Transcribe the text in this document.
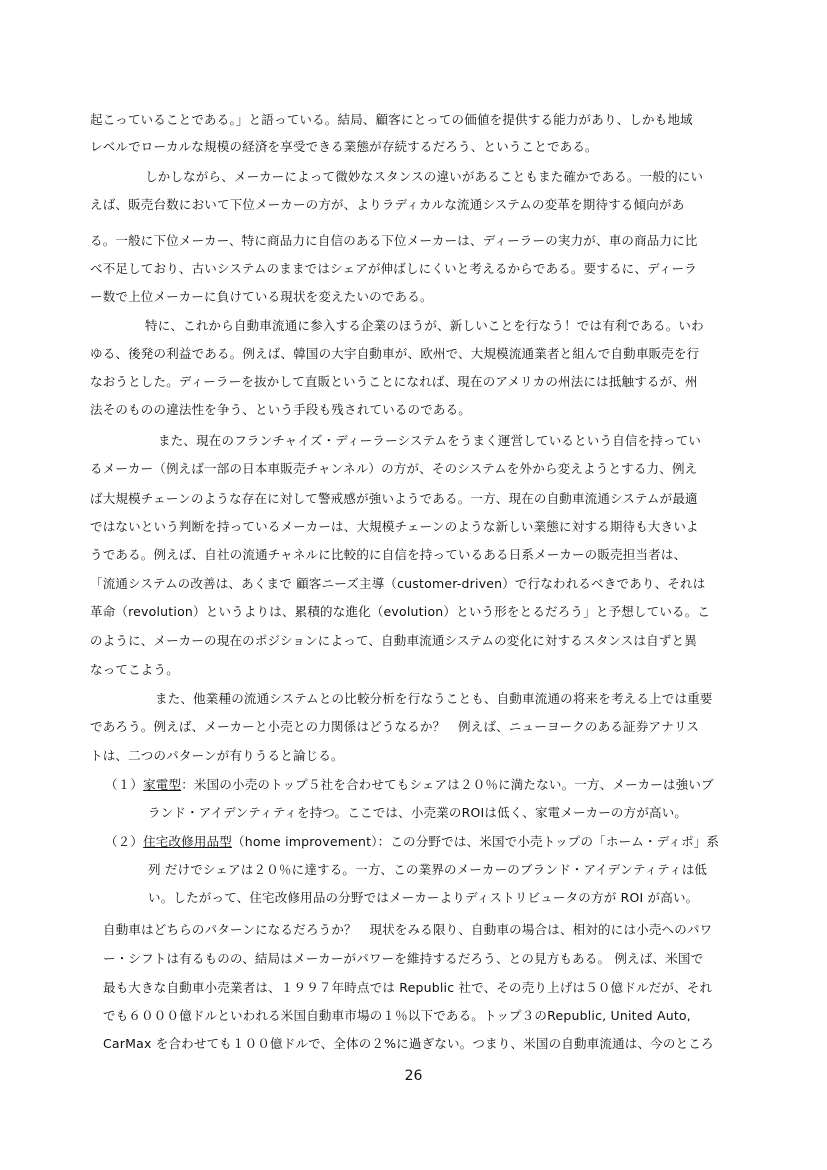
起こっていることである。」と語っている。結局、顧客にとっての価値を提供する能力があり、しかも地域
レベルでローカルな規模の経済を享受できる業態が存続するだろう、ということである。
しかしながら、メーカーによって微妙なスタンスの違いがあることもまた確かである。一般的にい
えば、販売台数において下位メーカーの方が、よりラディカルな流通システムの変革を期待する傾向があ
る。一般に下位メーカー、特に商品力に自信のある下位メーカーは、ディーラーの実力が、車の商品力に比
べ不足しており、古いシステムのままではシェアが伸ばしにくいと考えるからである。要するに、ディーラ
ー数で上位メーカーに負けている現状を変えたいのである。
特に、これから自動車流通に参入する企業のほうが、新しいことを行なう！では有利である。いわ
ゆる、後発の利益である。例えば、韓国の大宇自動車が、欧州で、大規模流通業者と組んで自動車販売を行
なおうとした。ディーラーを抜かして直販ということになれば、現在のアメリカの州法には抵触するが、州
法そのものの違法性を争う、という手段も残されているのである。
また、現在のフランチャイズ・ディーラーシステムをうまく運営しているという自信を持ってい
るメーカー（例えば一部の日本車販売チャンネル）の方が、そのシステムを外から変えようとする力、例え
ば大規模チェーンのような存在に対して警戒感が強いようである。一方、現在の自動車流通システムが最適
ではないという判断を持っているメーカーは、大規模チェーンのような新しい業態に対する期待も大きいよ
うである。例えば、自社の流通チャネルに比較的に自信を持っているある日系メーカーの販売担当者は、
「流通システムの改善は、あくまで 顧客ニーズ主導（customer-driven）で行なわれるべきであり、それは
革命（revolution）というよりは、累積的な進化（evolution）という形をとるだろう」と予想している。こ
のように、メーカーの現在のポジションによって、自動車流通システムの変化に対するスタンスは自ずと異
なってこよう。
また、他業種の流通システムとの比較分析を行なうことも、自動車流通の将来を考える上では重要
であろう。例えば、メーカーと小売との力関係はどうなるか？　例えば、ニューヨークのある証券アナリス
トは、二つのパターンが有りうると論じる。
（１）家電型：米国の小売のトップ５社を合わせてもシェアは２０％に満たない。一方、メーカーは強いブ
ランド・アイデンティティを持つ。ここでは、小売業のROIは低く、家電メーカーの方が高い。
（２）住宅改修用品型（home improvement）：この分野では、米国で小売トップの「ホーム・ディポ」系
列 だけでシェアは２０％に達する。一方、この業界のメーカーのブランド・アイデンティティは低
い。したがって、住宅改修用品の分野ではメーカーよりディストリビュータの方が ROI が高い。
自動車はどちらのパターンになるだろうか？　現状をみる限り、自動車の場合は、相対的には小売へのパワ
ー・シフトは有るものの、結局はメーカーがパワーを維持するだろう、との見方もある。 例えば、米国で
最も大きな自動車小売業者は、１９９７年時点では Republic 社で、その売り上げは５０億ドルだが、それ
でも６０００億ドルといわれる米国自動車市場の１％以下である。トップ３のRepublic, United Auto,
CarMax を合わせても１００億ドルで、全体の２%に過ぎない。つまり、米国の自動車流通は、今のところ
26
